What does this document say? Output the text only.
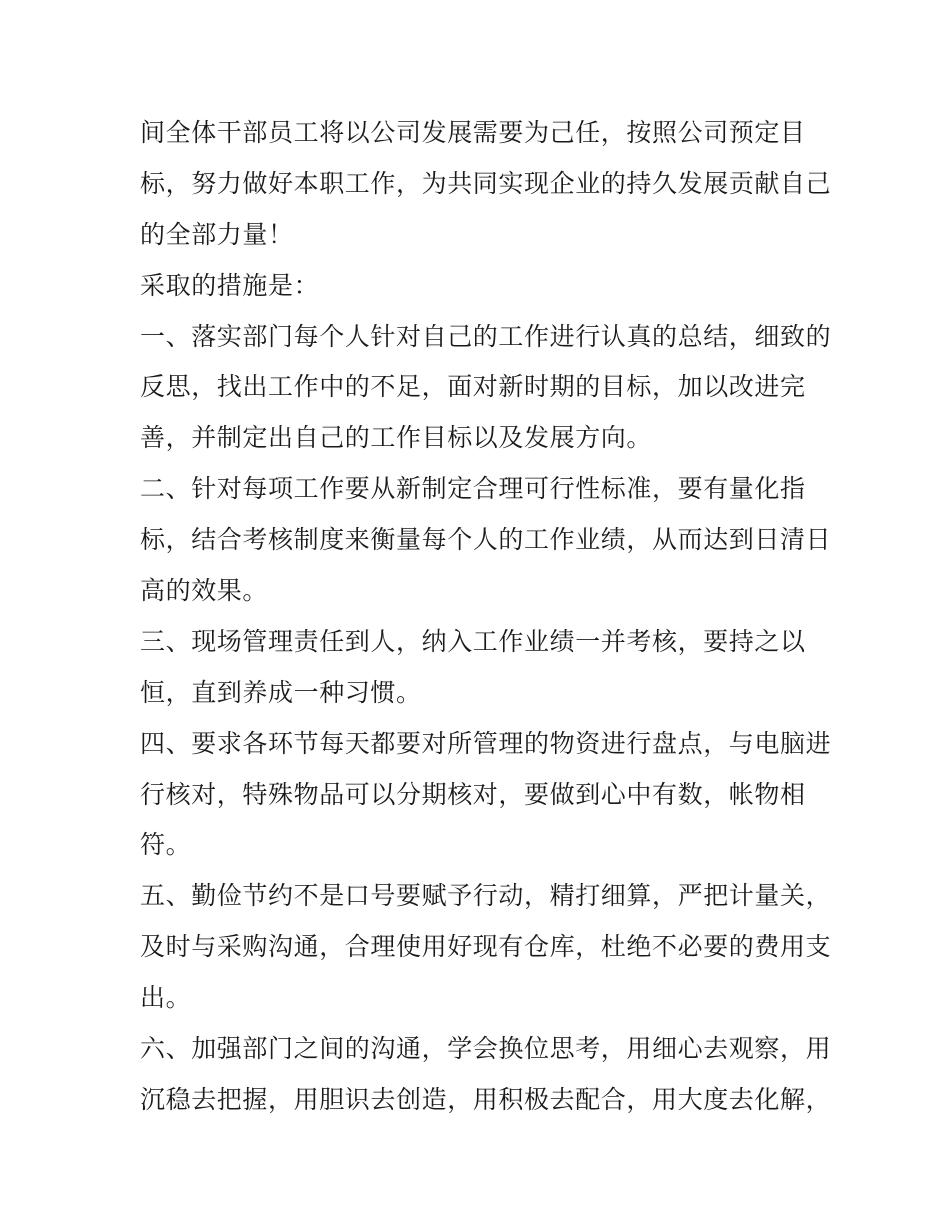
间全体干部员工将以公司发展需要为己任，按照公司预定目
标，努力做好本职工作，为共同实现企业的持久发展贡献自己
的全部力量！
采取的措施是：
一、落实部门每个人针对自己的工作进行认真的总结，细致的
反思，找出工作中的不足，面对新时期的目标，加以改进完
善，并制定出自己的工作目标以及发展方向。
二、针对每项工作要从新制定合理可行性标准，要有量化指
标，结合考核制度来衡量每个人的工作业绩，从而达到日清日
高的效果。
三、现场管理责任到人，纳入工作业绩一并考核，要持之以
恒，直到养成一种习惯。
四、要求各环节每天都要对所管理的物资进行盘点，与电脑进
行核对，特殊物品可以分期核对，要做到心中有数，帐物相
符。
五、勤俭节约不是口号要赋予行动，精打细算，严把计量关，
及时与采购沟通，合理使用好现有仓库，杜绝不必要的费用支
出。
六、加强部门之间的沟通，学会换位思考，用细心去观察，用
沉稳去把握，用胆识去创造，用积极去配合，用大度去化解，
